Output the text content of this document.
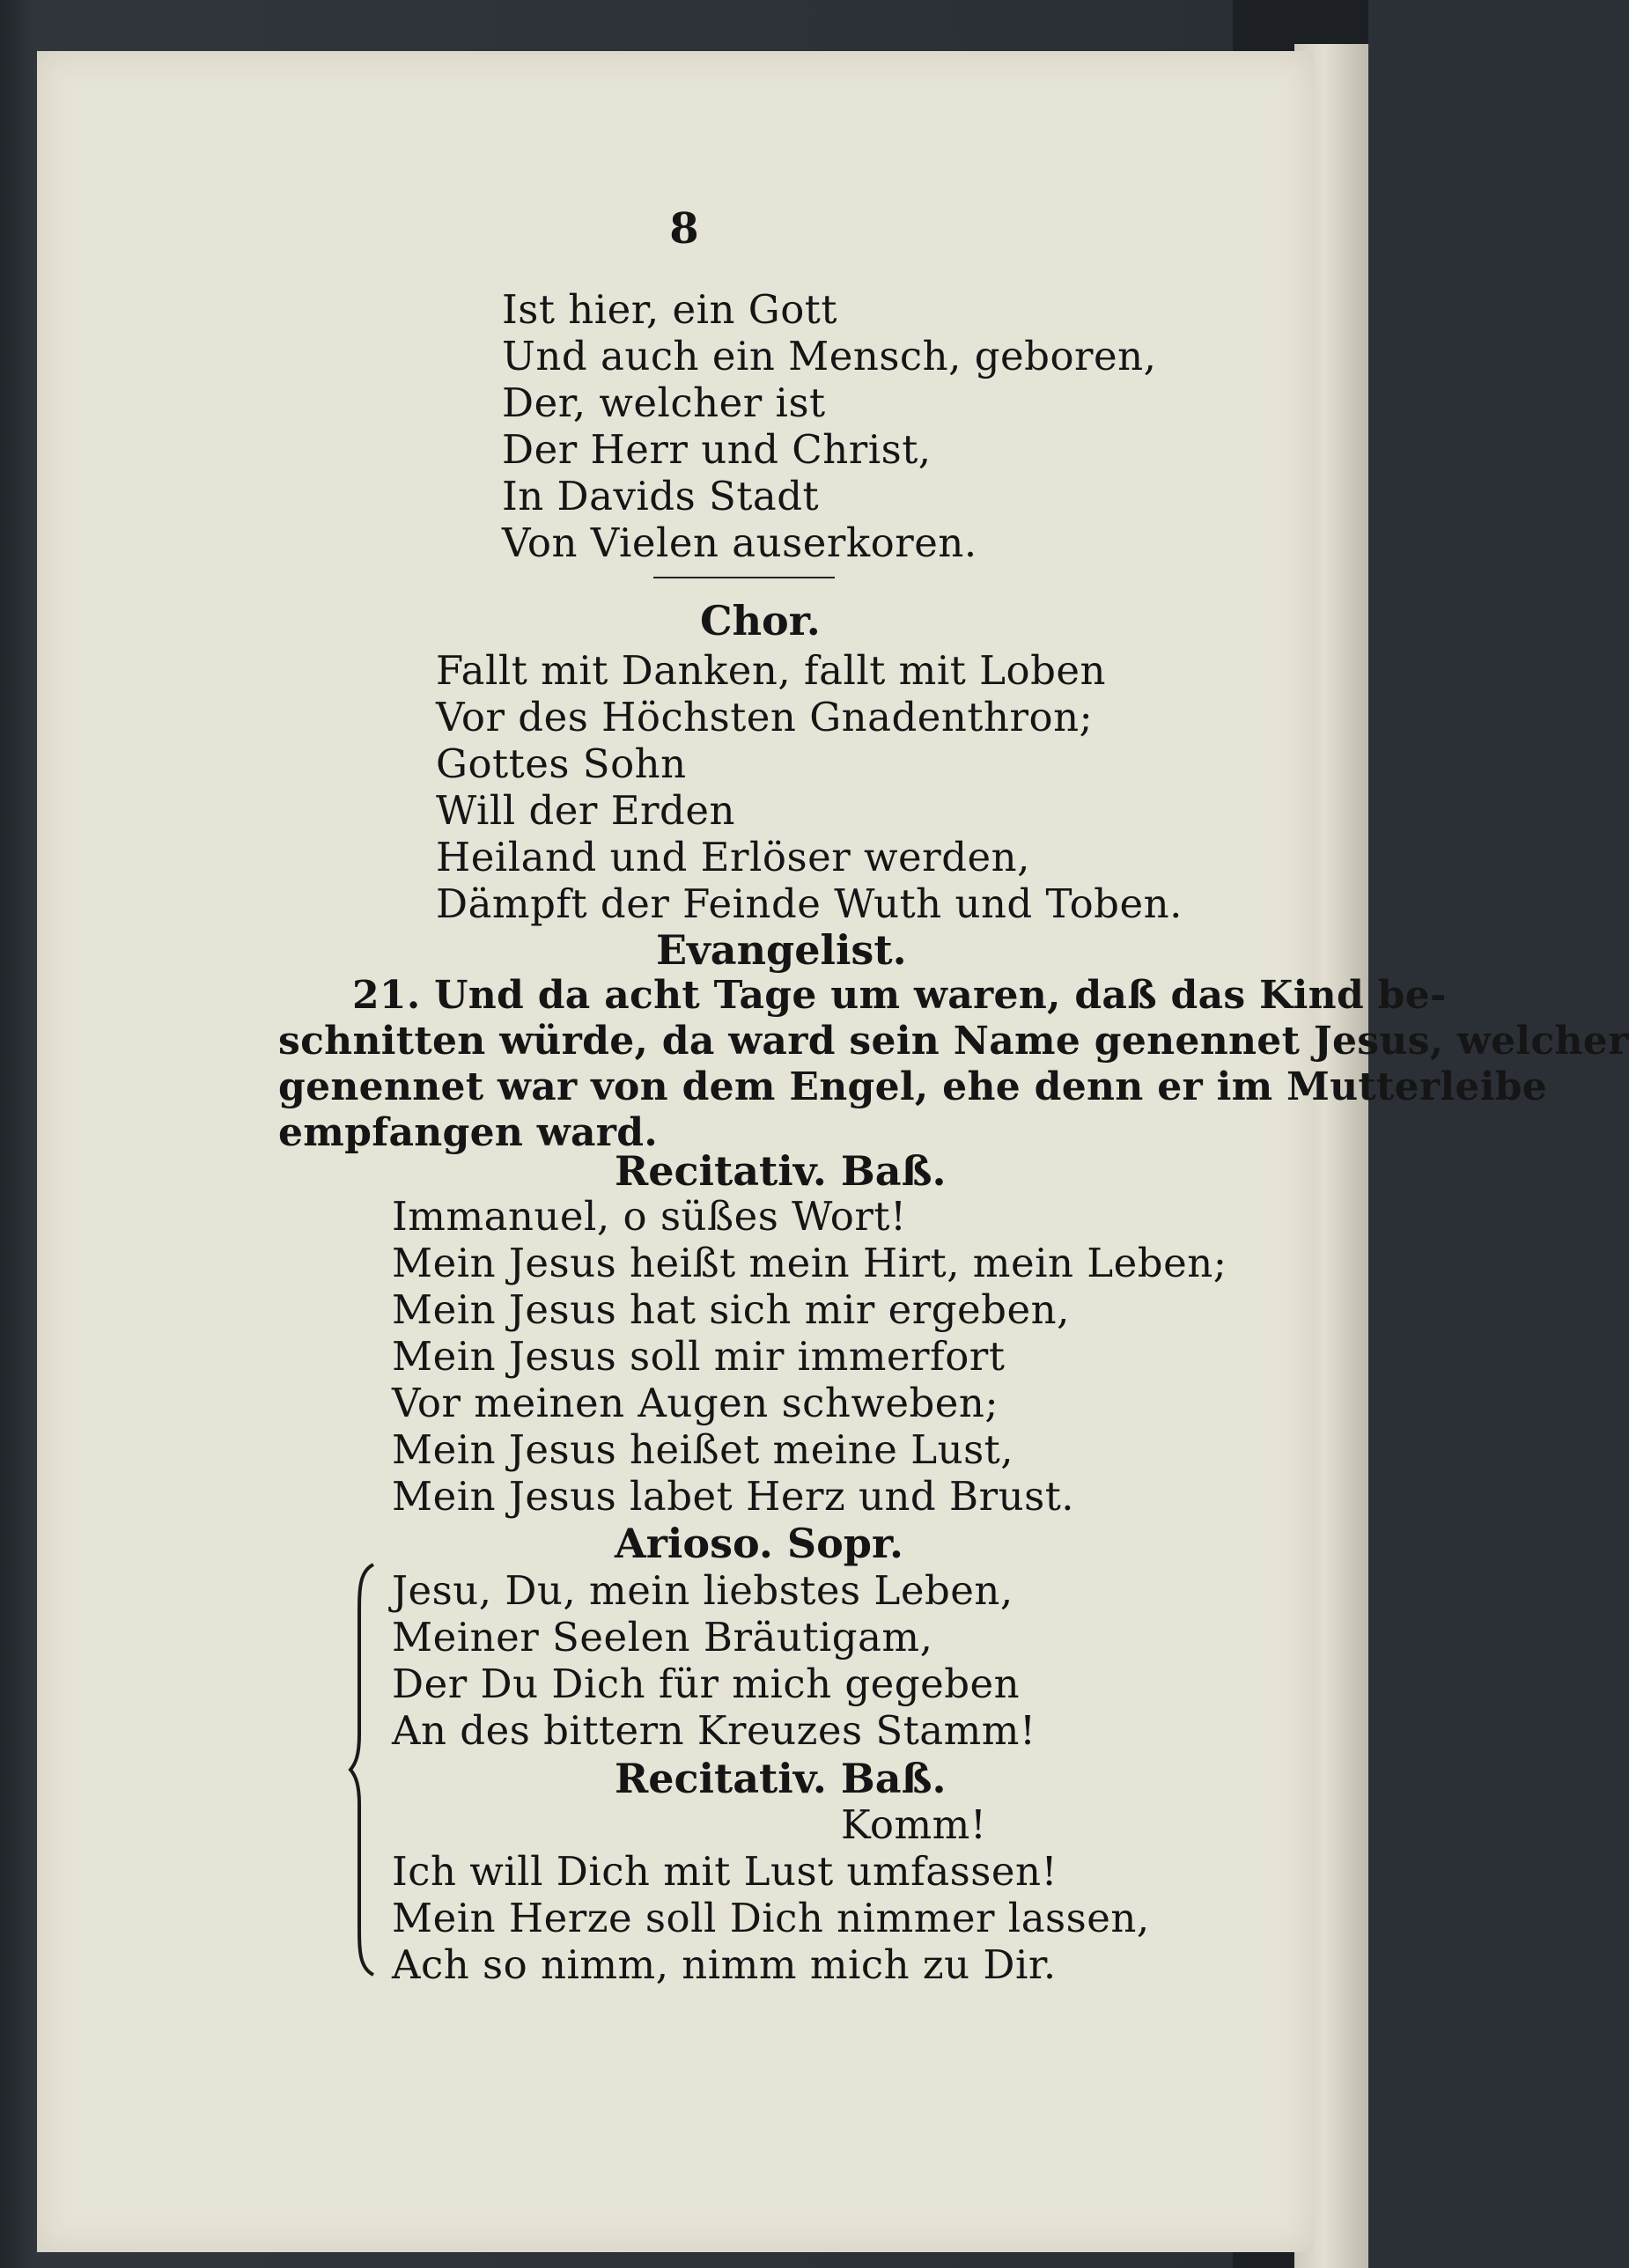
8
Ist hier, ein Gott
Und auch ein Mensch, geboren,
Der, welcher ist
Der Herr und Christ,
In Davids Stadt
Von Vielen auserkoren.
Chor.
Fallt mit Danken, fallt mit Loben
Vor des Höchsten Gnadenthron;
Gottes Sohn
Will der Erden
Heiland und Erlöser werden,
Dämpft der Feinde Wuth und Toben.
Evangelist.
21. Und da acht Tage um waren, daß das Kind be-
schnitten würde, da ward sein Name genennet Jesus, welcher
genennet war von dem Engel, ehe denn er im Mutterleibe
empfangen ward.
Recitativ. Baß.
Immanuel, o süßes Wort!
Mein Jesus heißt mein Hirt, mein Leben;
Mein Jesus hat sich mir ergeben,
Mein Jesus soll mir immerfort
Vor meinen Augen schweben;
Mein Jesus heißet meine Lust,
Mein Jesus labet Herz und Brust.
Arioso. Sopr.
Jesu, Du, mein liebstes Leben,
Meiner Seelen Bräutigam,
Der Du Dich für mich gegeben
An des bittern Kreuzes Stamm!
Recitativ. Baß.
Komm!
Ich will Dich mit Lust umfassen!
Mein Herze soll Dich nimmer lassen,
Ach so nimm, nimm mich zu Dir.
